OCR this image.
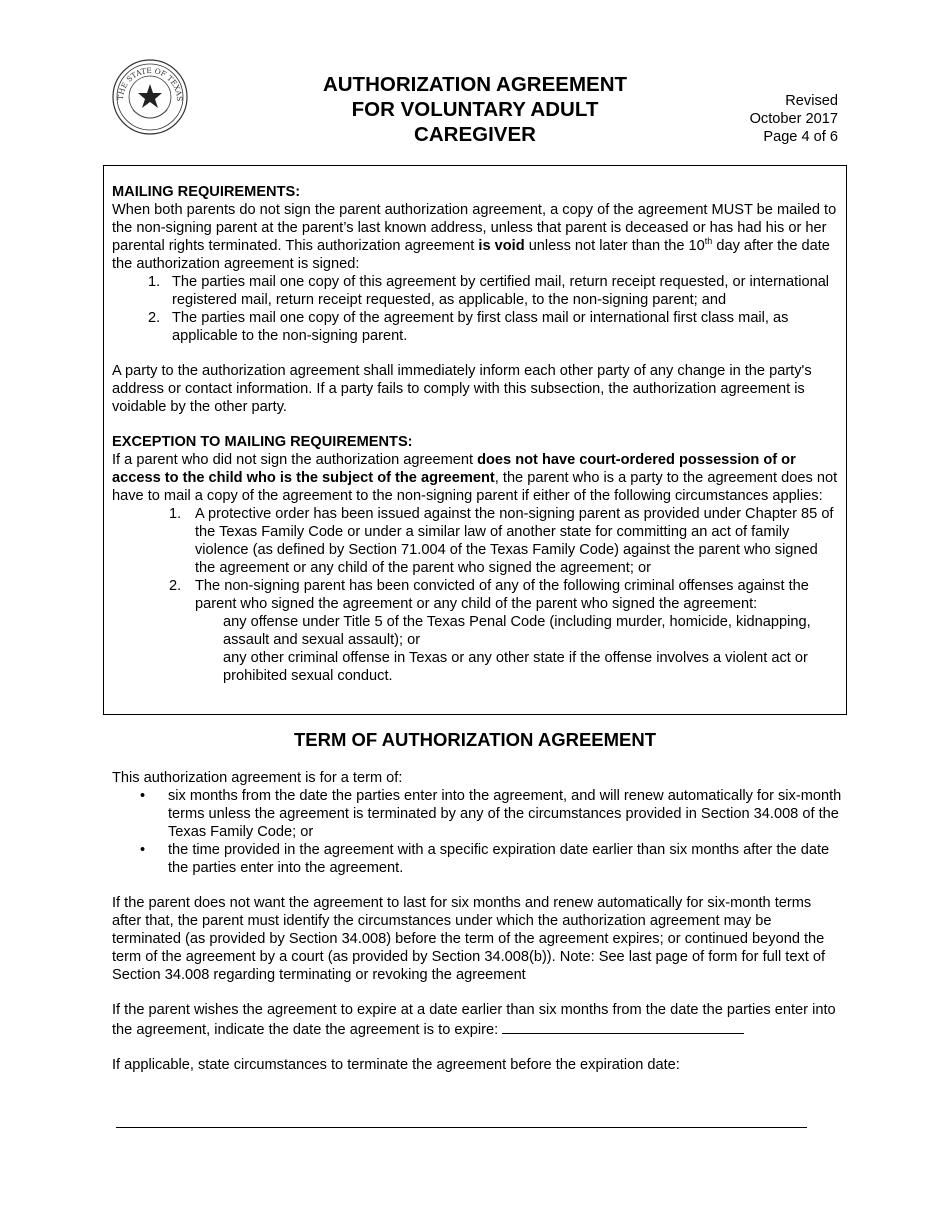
THE STATE OF TEXAS
AUTHORIZATION AGREEMENT
FOR VOLUNTARY ADULT
CAREGIVER
Revised
October 2017
Page 4 of 6

MAILING REQUIREMENTS:

When both parents do not sign the parent authorization agreement, a copy of the agreement MUST be mailed to the non-signing parent at the parent’s last known address, unless that parent is deceased or has had his or her parental rights terminated. This authorization agreement is void unless not later than the 10th day after the date the authorization agreement is signed:

1. The parties mail one copy of this agreement by certified mail, return receipt requested, or international registered mail, return receipt requested, as applicable, to the non-signing parent; and
2. The parties mail one copy of the agreement by first class mail or international first class mail, as applicable to the non-signing parent.

A party to the authorization agreement shall immediately inform each other party of any change in the party's address or contact information. If a party fails to comply with this subsection, the authorization agreement is voidable by the other party.

EXCEPTION TO MAILING REQUIREMENTS:

If a parent who did not sign the authorization agreement does not have court-ordered possession of or access to the child who is the subject of the agreement, the parent who is a party to the agreement does not have to mail a copy of the agreement to the non-signing parent if either of the following circumstances applies:

1. A protective order has been issued against the non-signing parent as provided under Chapter 85 of the Texas Family Code or under a similar law of another state for committing an act of family violence (as defined by Section 71.004 of the Texas Family Code) against the parent who signed the agreement or any child of the parent who signed the agreement; or
2. The non-signing parent has been convicted of any of the following criminal offenses against the parent who signed the agreement or any child of the parent who signed the agreement:

any offense under Title 5 of the Texas Penal Code (including murder, homicide, kidnapping, assault and sexual assault); or

any other criminal offense in Texas or any other state if the offense involves a violent act or prohibited sexual conduct.

TERM OF AUTHORIZATION AGREEMENT

This authorization agreement is for a term of:

•	six months from the date the parties enter into the agreement, and will renew automatically for six-month terms unless the agreement is terminated by any of the circumstances provided in Section 34.008 of the Texas Family Code; or
•	the time provided in the agreement with a specific expiration date earlier than six months after the date the parties enter into the agreement.

If the parent does not want the agreement to last for six months and renew automatically for six-month terms after that, the parent must identify the circumstances under which the authorization agreement may be terminated (as provided by Section 34.008) before the term of the agreement expires; or continued beyond the term of the agreement by a court (as provided by Section 34.008(b)). Note: See last page of form for full text of Section 34.008 regarding terminating or revoking the agreement

If the parent wishes the agreement to expire at a date earlier than six months from the date the parties enter into the agreement, indicate the date the agreement is to expire:

If applicable, state circumstances to terminate the agreement before the expiration date:
